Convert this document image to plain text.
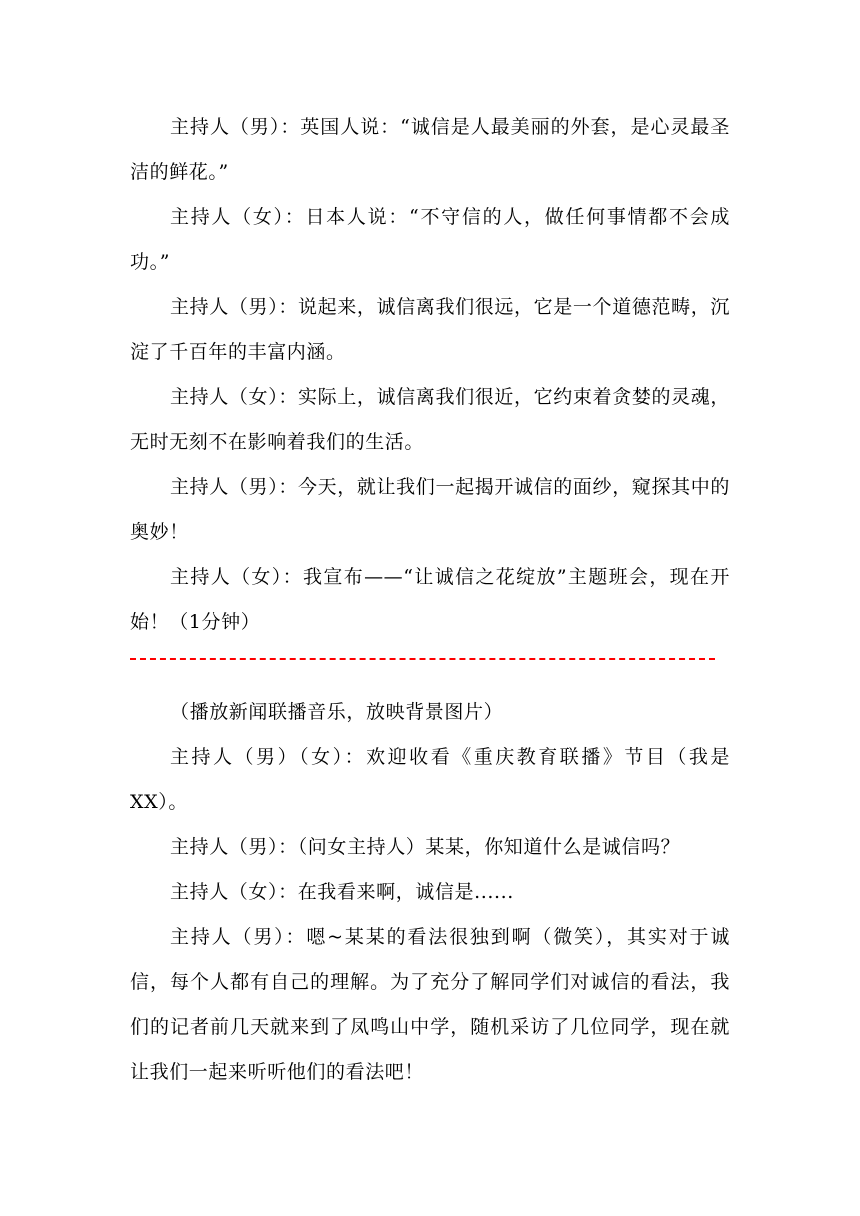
主持人（男）：英国人说：“诚信是人最美丽的外套，是心灵最圣洁的鲜花。”

主持人（女）：日本人说：“不守信的人，做任何事情都不会成功。”

主持人（男）：说起来，诚信离我们很远，它是一个道德范畴，沉淀了千百年的丰富内涵。

主持人（女）：实际上，诚信离我们很近，它约束着贪婪的灵魂，无时无刻不在影响着我们的生活。

主持人（男）：今天，就让我们一起揭开诚信的面纱，窥探其中的奥妙！

主持人（女）：我宣布——“让诚信之花绽放”主题班会，现在开始！（1分钟）

（播放新闻联播音乐，放映背景图片）

主持人（男）（女）：欢迎收看《重庆教育联播》节目（我是XX）。

主持人（男）：（问女主持人）某某，你知道什么是诚信吗？

主持人（女）：在我看来啊，诚信是......

主持人（男）：嗯~某某的看法很独到啊（微笑），其实对于诚信，每个人都有自己的理解。为了充分了解同学们对诚信的看法，我们的记者前几天就来到了凤鸣山中学，随机采访了几位同学，现在就让我们一起来听听他们的看法吧！
